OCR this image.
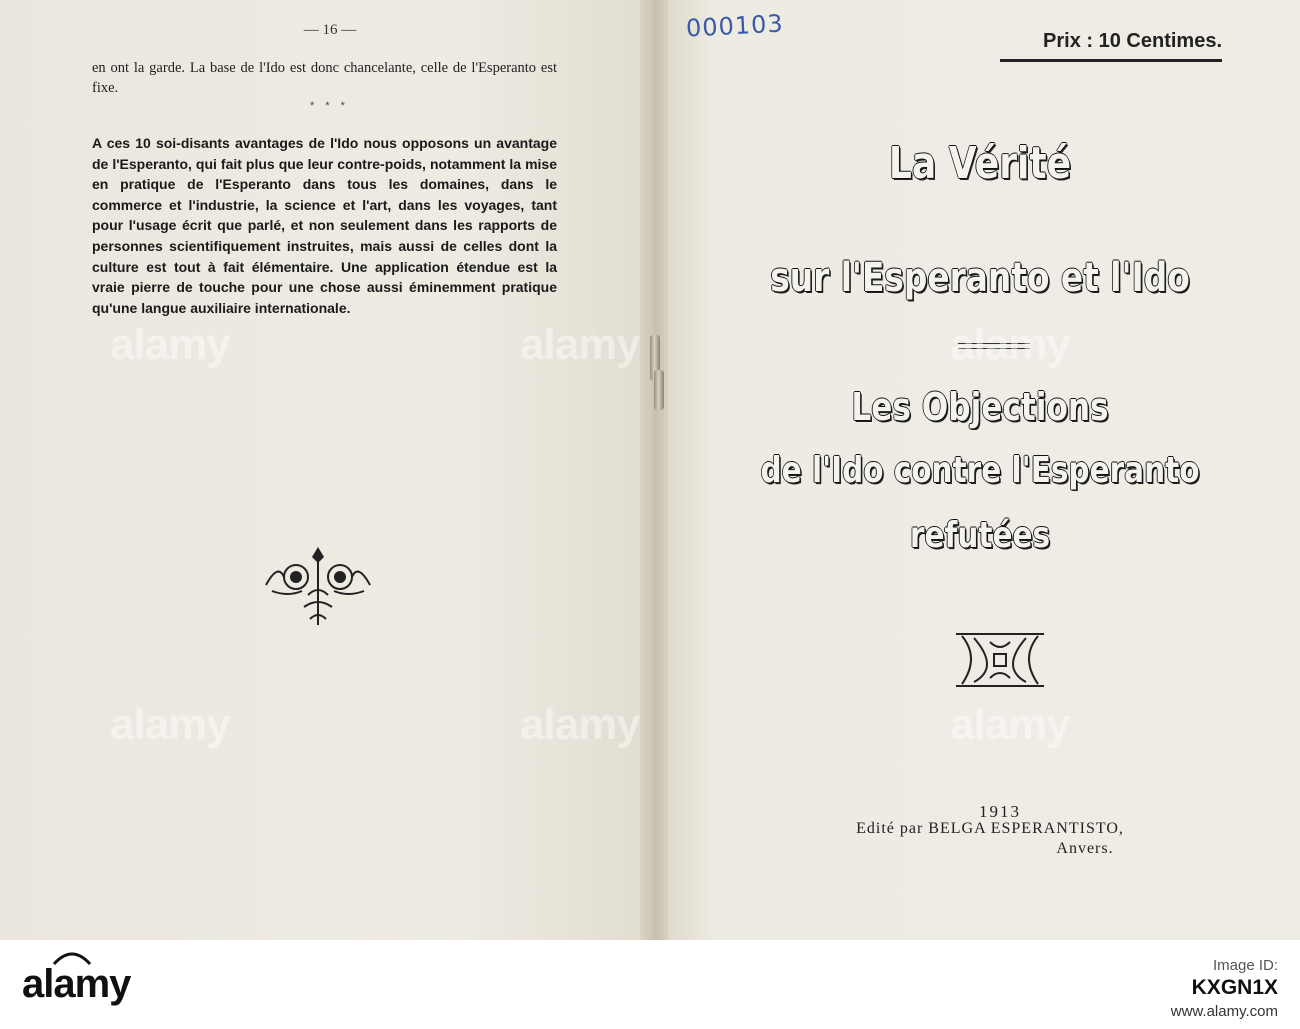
— 16 —
en ont la garde. La base de l'Ido est donc chancelante, celle de l'Esperanto est fixe.
* * *
A ces 10 soi-disants avantages de l'Ido nous opposons un avantage de l'Esperanto, qui fait plus que leur contre-poids, notamment la mise en pratique de l'Esperanto dans tous les domaines, dans le commerce et l'industrie, la science et l'art, dans les voyages, tant pour l'usage écrit que parlé, et non seulement dans les rapports de personnes scientifiquement instruites, mais aussi de celles dont la culture est tout à fait élémentaire. Une application étendue est la vraie pierre de touche pour une chose aussi éminemment pratique qu'une langue auxiliaire internationale.
000103	Prix : 10 Centimes.
La Vérité
sur l'Esperanto et l'Ido
Les Objections
de l'Ido contre l'Esperanto
refutées
1913
Edité par BELGA ESPERANTISTO,
Anvers.
alamy	alamy	alamy
alamy	alamy	alamy
alamy	Image ID:
KXGN1X
www.alamy.com
